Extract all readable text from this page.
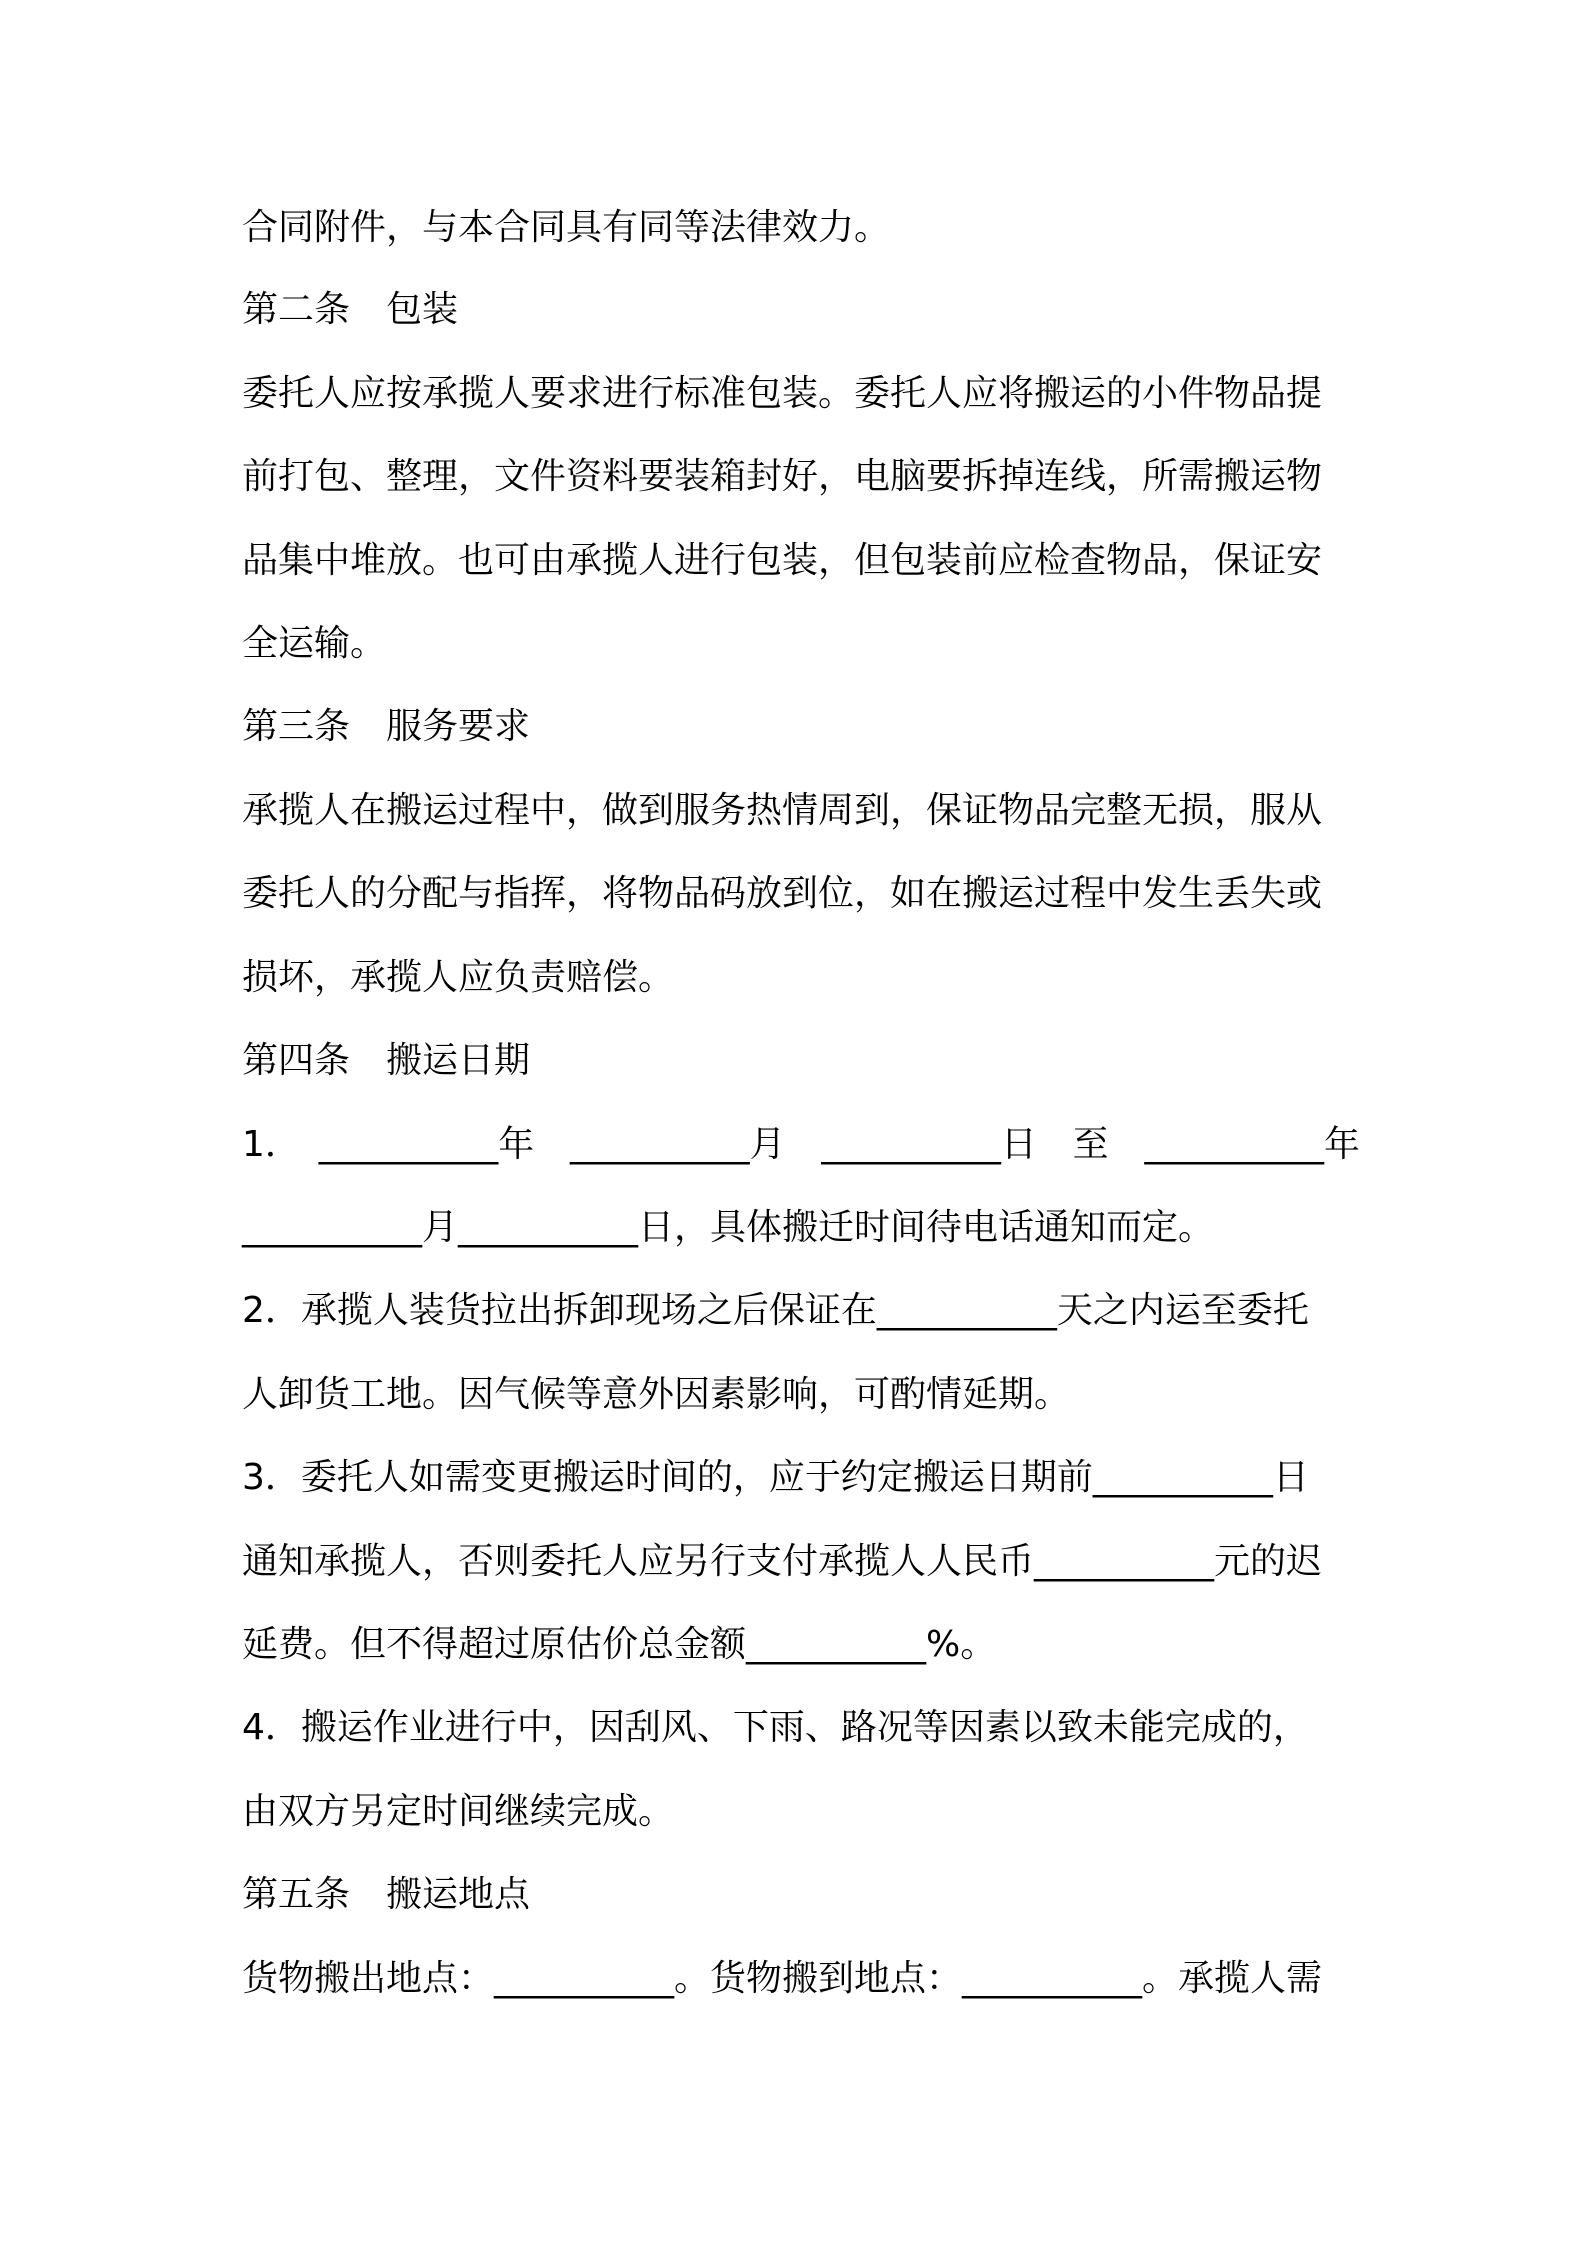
合同附件，与本合同具有同等法律效力。
第二条　包装
委托人应按承揽人要求进行标准包装。委托人应将搬运的小件物品提
前打包、整理，文件资料要装箱封好，电脑要拆掉连线，所需搬运物
品集中堆放。也可由承揽人进行包装，但包装前应检查物品，保证安
全运输。
第三条　服务要求
承揽人在搬运过程中，做到服务热情周到，保证物品完整无损，服从
委托人的分配与指挥，将物品码放到位，如在搬运过程中发生丢失或
损坏，承揽人应负责赔偿。
第四条　搬运日期
1．　__________年　__________月　__________日　至　__________年
__________月__________日，具体搬迁时间待电话通知而定。
2．承揽人装货拉出拆卸现场之后保证在__________天之内运至委托
人卸货工地。因气候等意外因素影响，可酌情延期。
3．委托人如需变更搬运时间的，应于约定搬运日期前__________日
通知承揽人，否则委托人应另行支付承揽人人民币__________元的迟
延费。但不得超过原估价总金额__________%。
4．搬运作业进行中，因刮风、下雨、路况等因素以致未能完成的，
由双方另定时间继续完成。
第五条　搬运地点
货物搬出地点：__________。货物搬到地点：__________。承揽人需
